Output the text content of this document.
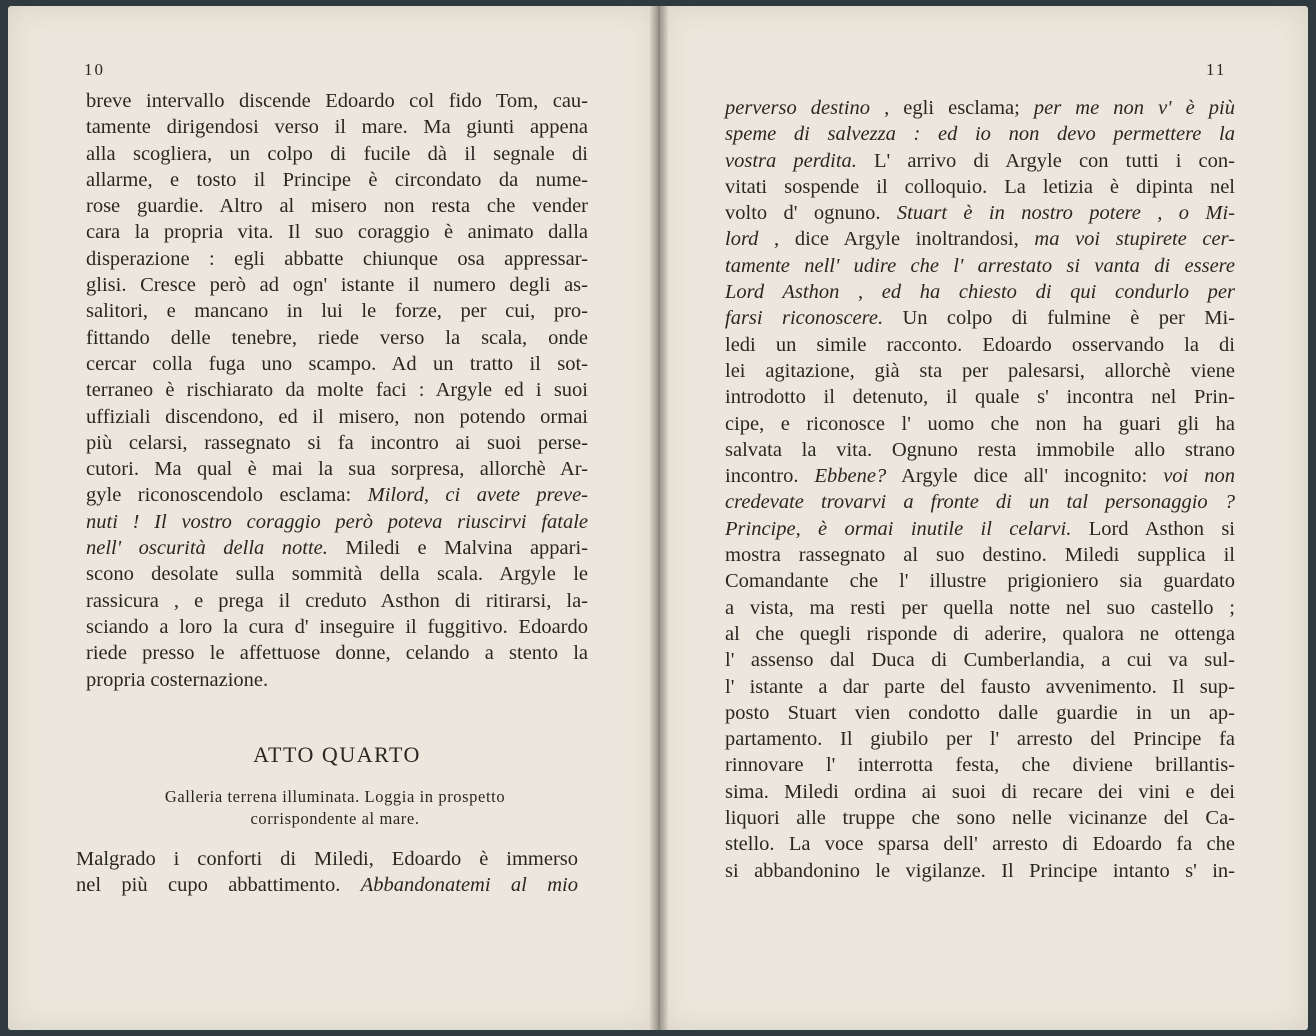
10	11
breve intervallo discende Edoardo col fido Tom, cau-
tamente dirigendosi verso il mare. Ma giunti appena
alla scogliera, un colpo di fucile dà il segnale di
allarme, e tosto il Principe è circondato da nume-
rose guardie. Altro al misero non resta che vender
cara la propria vita. Il suo coraggio è animato dalla
disperazione : egli abbatte chiunque osa appressar-
glisi. Cresce però ad ogn' istante il numero degli as-
salitori, e mancano in lui le forze, per cui, pro-
fittando delle tenebre, riede verso la scala, onde
cercar colla fuga uno scampo. Ad un tratto il sot-
terraneo è rischiarato da molte faci : Argyle ed i suoi
uffiziali discendono, ed il misero, non potendo ormai
più celarsi, rassegnato si fa incontro ai suoi perse-
cutori. Ma qual è mai la sua sorpresa, allorchè Ar-
gyle riconoscendolo esclama: Milord, ci avete preve-
nuti ! Il vostro coraggio però poteva riuscirvi fatale
nell' oscurità della notte. Miledi e Malvina appari-
scono desolate sulla sommità della scala. Argyle le
rassicura , e prega il creduto Asthon di ritirarsi, la-
sciando a loro la cura d' inseguire il fuggitivo. Edoardo
riede presso le affettuose donne, celando a stento la
propria costernazione.
ATTO QUARTO
Galleria terrena illuminata. Loggia in prospetto
corrispondente al mare.
Malgrado i conforti di Miledi, Edoardo è immerso
nel più cupo abbattimento. Abbandonatemi al mio
perverso destino , egli esclama; per me non v' è più
speme di salvezza : ed io non devo permettere la
vostra perdita. L' arrivo di Argyle con tutti i con-
vitati sospende il colloquio. La letizia è dipinta nel
volto d' ognuno. Stuart è in nostro potere , o Mi-
lord , dice Argyle inoltrandosi, ma voi stupirete cer-
tamente nell' udire che l' arrestato si vanta di essere
Lord Asthon , ed ha chiesto di qui condurlo per
farsi riconoscere. Un colpo di fulmine è per Mi-
ledi un simile racconto. Edoardo osservando la di
lei agitazione, già sta per palesarsi, allorchè viene
introdotto il detenuto, il quale s' incontra nel Prin-
cipe, e riconosce l' uomo che non ha guari gli ha
salvata la vita. Ognuno resta immobile allo strano
incontro. Ebbene? Argyle dice all' incognito: voi non
credevate trovarvi a fronte di un tal personaggio ?
Principe, è ormai inutile il celarvi. Lord Asthon si
mostra rassegnato al suo destino. Miledi supplica il
Comandante che l' illustre prigioniero sia guardato
a vista, ma resti per quella notte nel suo castello ;
al che quegli risponde di aderire, qualora ne ottenga
l' assenso dal Duca di Cumberlandia, a cui va sul-
l' istante a dar parte del fausto avvenimento. Il sup-
posto Stuart vien condotto dalle guardie in un ap-
partamento. Il giubilo per l' arresto del Principe fa
rinnovare l' interrotta festa, che diviene brillantis-
sima. Miledi ordina ai suoi di recare dei vini e dei
liquori alle truppe che sono nelle vicinanze del Ca-
stello. La voce sparsa dell' arresto di Edoardo fa che
si abbandonino le vigilanze. Il Principe intanto s' in-
